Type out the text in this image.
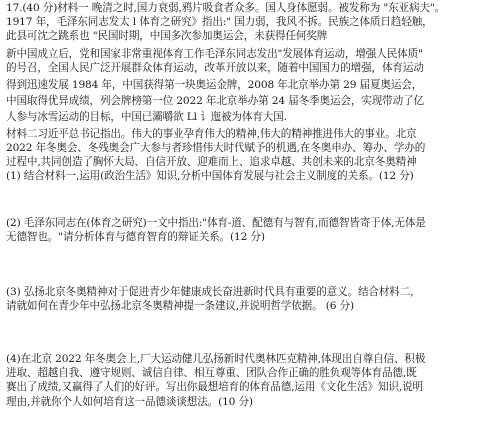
17.(40 分)材料一 晚清之时,国力衰弱,鸦片吸食者众多。国人身体愿弱。被发称为 "东亚病夫"。
1917 年，毛泽东同志发太 l 体育之研究》指出:" 国力弱，我风不拆。民族之体质日趋轻触，
此县可沈之跳系也 "民国时期，中国多次参加奥运会，未获得任何奖牌
新中国成立后，党和国家非常重视体育工作毛泽东同志发出"发展体育运动，增强人民体质"
的号召，全国人民广泛开展群众体育运动，改革开放以来，随着中国国力的增强，体育运动
得到迅速发展 1984 年，中国获得第一块奥运金牌，2008 年北京举办第 29 届夏奥运会，
中国取得优异成绩，列会牌榜第一位 2022 年北京举办第 24 届冬季奥运会，实现带动了亿
人参与冰雪运动的目标，中国已灞嚼欲 Ll 讠迤被为体育大国.
材料二习近平总书记指出。伟大的事业孕育伟大的精神,伟大的精神推进伟大的事业。北京
2022 年冬奥会、冬残奥会广大参与者珍惜伟大时代赋予的机遇,在冬奥申办、筹办、学办的
过程中,共同创造了胸怀大局、自信开放、迎难而上、追求卓越、共创未来的北京冬奥精神
(1) 结合材料一,运用(政治生活》知识,分析中国体育发展与社会主义制度的关系。(12 分)
(2) 毛泽东同志在(体育之研究)一文中指出:"体育-道、配德有与智有,而德智皆寄于体,无体是
无德智也。"请分析体育与德育智育的辩证关系。(12 分)
(3) 弘扬北京冬奥精神对于促进青少年健康成长奋进新时代具有重要的意义。结合材料二,
请就如何在青少年中弘扬北京冬奥精神提一条建议,并说明哲学依据。 (6 分)
(4)在北京 2022 年冬奥会上,厂大运动健儿弘扬新时代奥林匹克精神,体现出自尊自信、积极
进取、超越自我、遵守规则、诚信自律、相互尊重、团队合作正确的胜负观等体育品德,既
赛出了成绩,又赢得了人们的好评。写出你最想培育的体育品德,运用《文化生活》知识,说明
理由,并就你个人如何培育这一品德谈谈想法。(10 分)
